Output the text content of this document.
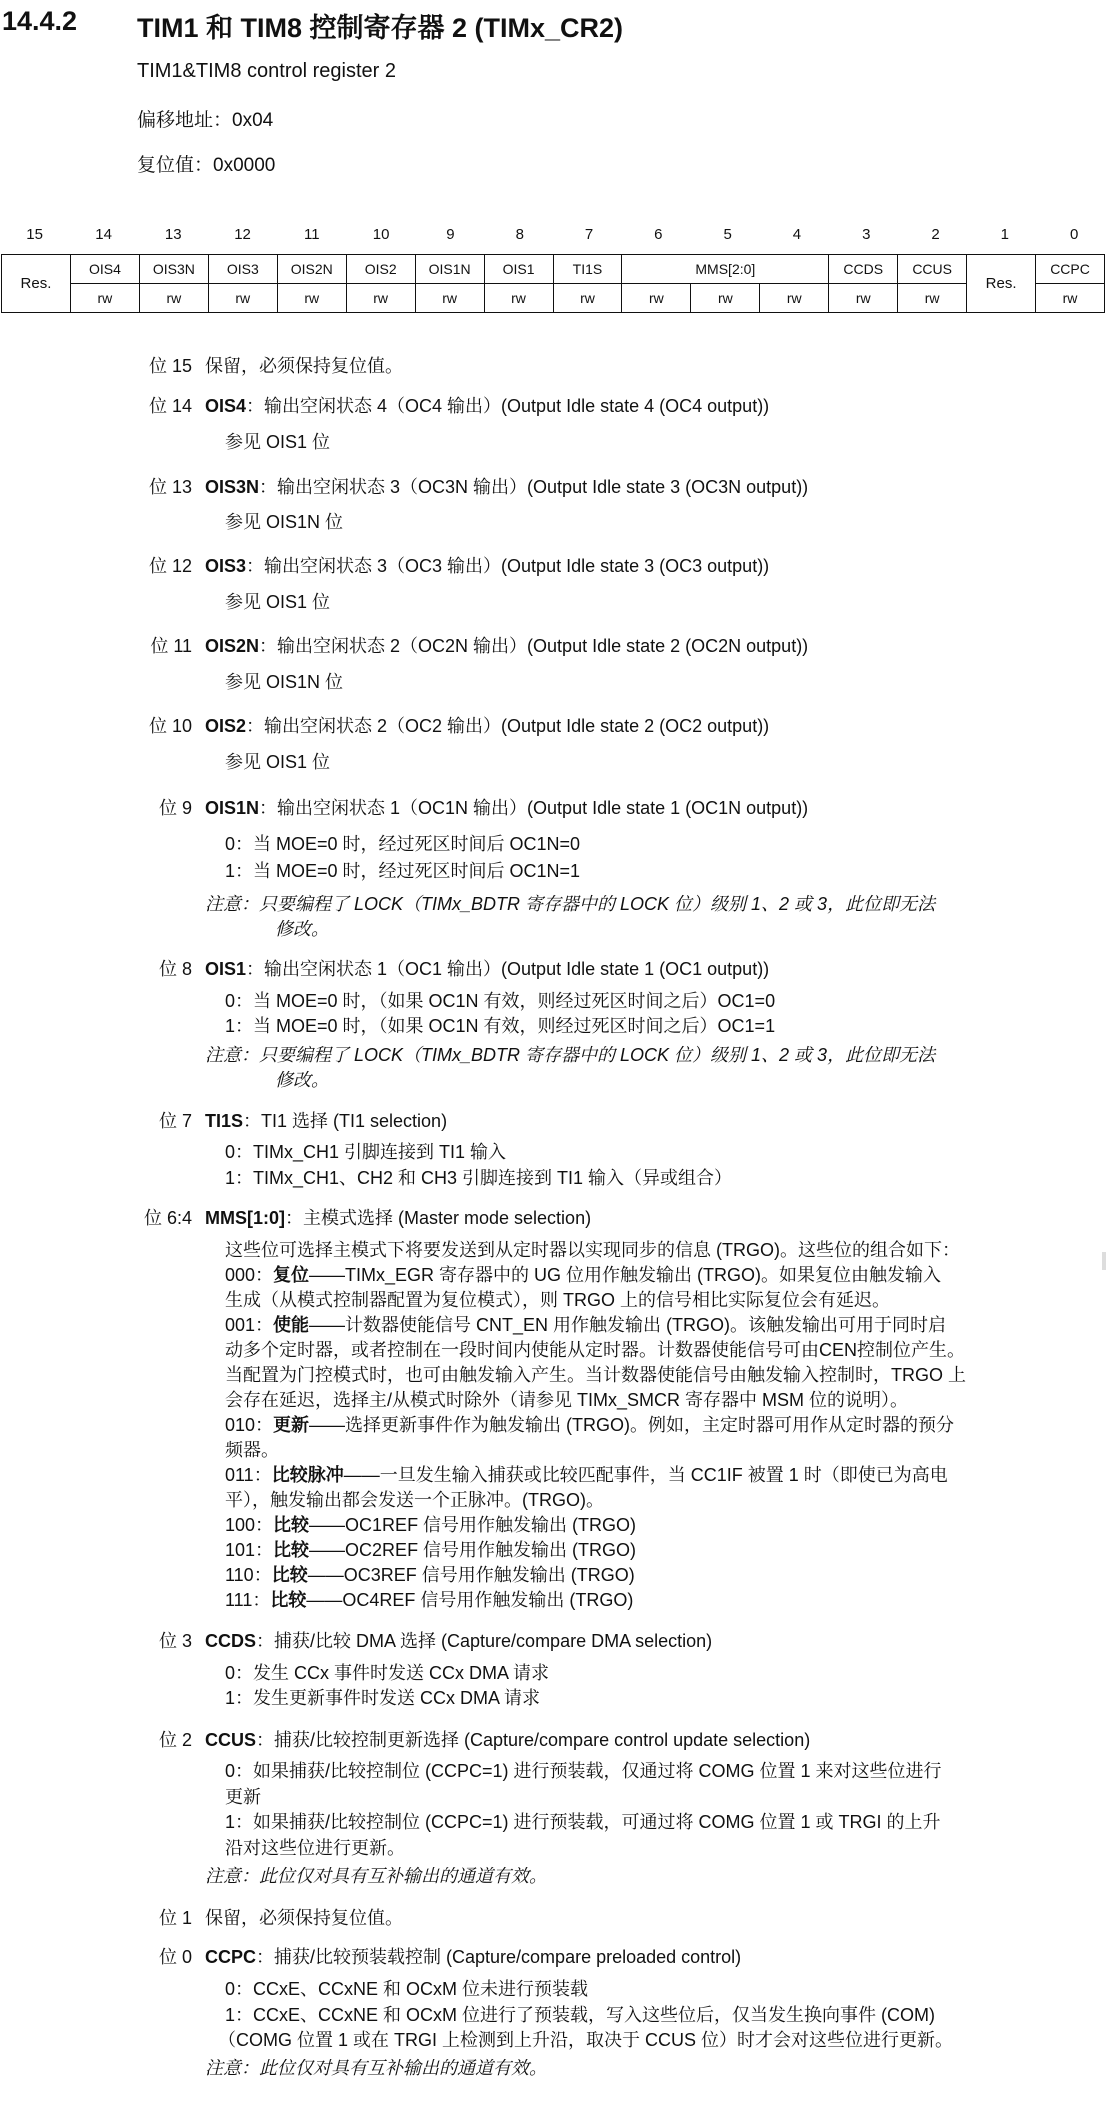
14.4.2 TIM1 和 TIM8 控制寄存器 2 (TIMx_CR2)
TIM1&TIM8 control register 2
偏移地址：0x04
复位值：0x0000
15	14	13	12	11	10	9	8	7	6	5	4	3	2	1	0
Res.	OIS4	OIS3N	OIS3	OIS2N	OIS2	OIS1N	OIS1	TI1S	MMS[2:0]			CCDS	CCUS	Res.	CCPC
	rw	rw	rw	rw	rw	rw	rw	rw	rw	rw	rw	rw	rw		rw
位 15 保留，必须保持复位值。
位 14 OIS4：输出空闲状态 4（OC4 输出）(Output Idle state 4 (OC4 output))
参见 OIS1 位
位 13 OIS3N：输出空闲状态 3（OC3N 输出）(Output Idle state 3 (OC3N output))
参见 OIS1N 位
位 12 OIS3：输出空闲状态 3（OC3 输出）(Output Idle state 3 (OC3 output))
参见 OIS1 位
位 11 OIS2N：输出空闲状态 2（OC2N 输出）(Output Idle state 2 (OC2N output))
参见 OIS1N 位
位 10 OIS2：输出空闲状态 2（OC2 输出）(Output Idle state 2 (OC2 output))
参见 OIS1 位
位 9 OIS1N：输出空闲状态 1（OC1N 输出）(Output Idle state 1 (OC1N output))
0：当 MOE=0 时，经过死区时间后 OC1N=0
1：当 MOE=0 时，经过死区时间后 OC1N=1
注意：只要编程了 LOCK（TIMx_BDTR 寄存器中的 LOCK 位）级别 1、2 或 3，此位即无法
修改。
位 8 OIS1：输出空闲状态 1（OC1 输出）(Output Idle state 1 (OC1 output))
0：当 MOE=0 时，（如果 OC1N 有效，则经过死区时间之后）OC1=0
1：当 MOE=0 时，（如果 OC1N 有效，则经过死区时间之后）OC1=1
注意：只要编程了 LOCK（TIMx_BDTR 寄存器中的 LOCK 位）级别 1、2 或 3，此位即无法
修改。
位 7 TI1S：TI1 选择 (TI1 selection)
0：TIMx_CH1 引脚连接到 TI1 输入
1：TIMx_CH1、CH2 和 CH3 引脚连接到 TI1 输入（异或组合）
位 6:4 MMS[1:0]：主模式选择 (Master mode selection)
这些位可选择主模式下将要发送到从定时器以实现同步的信息 (TRGO)。这些位的组合如下：
000：复位——TIMx_EGR 寄存器中的 UG 位用作触发输出 (TRGO)。如果复位由触发输入
生成（从模式控制器配置为复位模式），则 TRGO 上的信号相比实际复位会有延迟。
001：使能——计数器使能信号 CNT_EN 用作触发输出 (TRGO)。该触发输出可用于同时启
动多个定时器，或者控制在一段时间内使能从定时器。计数器使能信号可由CEN控制位产生。
当配置为门控模式时，也可由触发输入产生。当计数器使能信号由触发输入控制时，TRGO 上
会存在延迟，选择主/从模式时除外（请参见 TIMx_SMCR 寄存器中 MSM 位的说明）。
010：更新——选择更新事件作为触发输出 (TRGO)。例如，主定时器可用作从定时器的预分
频器。
011：比较脉冲——一旦发生输入捕获或比较匹配事件，当 CC1IF 被置 1 时（即使已为高电
平），触发输出都会发送一个正脉冲。(TRGO)。
100：比较——OC1REF 信号用作触发输出 (TRGO)
101：比较——OC2REF 信号用作触发输出 (TRGO)
110：比较——OC3REF 信号用作触发输出 (TRGO)
111：比较——OC4REF 信号用作触发输出 (TRGO)
位 3 CCDS：捕获/比较 DMA 选择 (Capture/compare DMA selection)
0：发生 CCx 事件时发送 CCx DMA 请求
1：发生更新事件时发送 CCx DMA 请求
位 2 CCUS：捕获/比较控制更新选择 (Capture/compare control update selection)
0：如果捕获/比较控制位 (CCPC=1) 进行预装载，仅通过将 COMG 位置 1 来对这些位进行
更新
1：如果捕获/比较控制位 (CCPC=1) 进行预装载，可通过将 COMG 位置 1 或 TRGI 的上升
沿对这些位进行更新。
注意：此位仅对具有互补输出的通道有效。
位 1 保留，必须保持复位值。
位 0 CCPC：捕获/比较预装载控制 (Capture/compare preloaded control)
0：CCxE、CCxNE 和 OCxM 位未进行预装载
1：CCxE、CCxNE 和 OCxM 位进行了预装载，写入这些位后，仅当发生换向事件 (COM)
（COMG 位置 1 或在 TRGI 上检测到上升沿，取决于 CCUS 位）时才会对这些位进行更新。
注意：此位仅对具有互补输出的通道有效。
